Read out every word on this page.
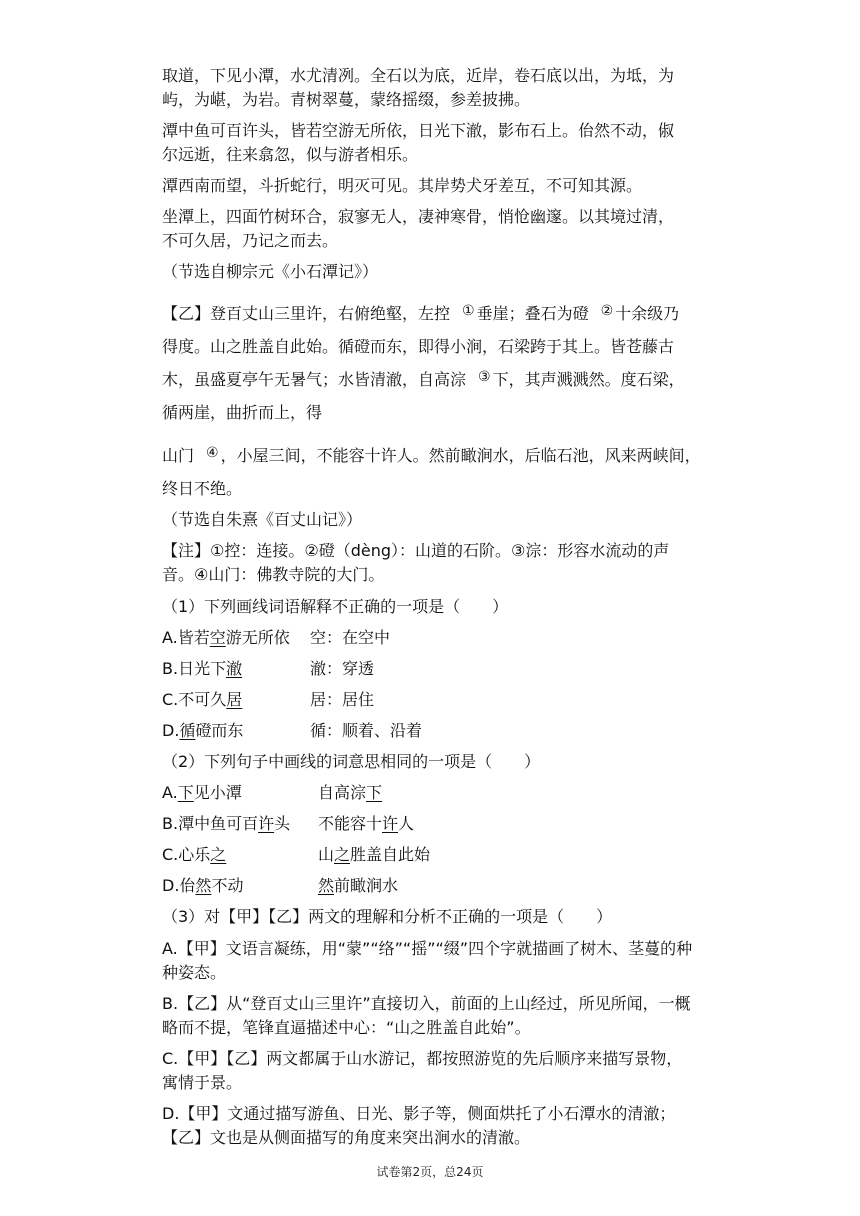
取道，下见小潭，水尤清冽。全石以为底，近岸，卷石底以出，为坻，为

屿，为嵁，为岩。青树翠蔓，蒙络摇缀，参差披拂。

潭中鱼可百许头，皆若空游无所依，日光下澈，影布石上。佁然不动，俶

尔远逝，往来翕忽，似与游者相乐。

潭西南而望，斗折蛇行，明灭可见。其岸势犬牙差互，不可知其源。

坐潭上，四面竹树环合，寂寥无人，凄神寒骨，悄怆幽邃。以其境过清，

不可久居，乃记之而去。

（节选自柳宗元《小石潭记》）

【乙】登百丈山三里许，右俯绝壑，左控 ① 垂崖；叠石为磴 ② 十余级乃

得度。山之胜盖自此始。循磴而东，即得小涧，石梁跨于其上。皆苍藤古

木，虽盛夏亭午无暑气；水皆清澈，自高淙 ③ 下，其声溅溅然。度石梁，

循两崖，曲折而上，得

山门 ④ ，小屋三间，不能容十许人。然前瞰涧水，后临石池，风来两峡间，

终日不绝。

（节选自朱熹《百丈山记》）

【注】①控：连接。②磴（dèng）：山道的石阶。③淙：形容水流动的声

音。④山门：佛教寺院的大门。

（1）下列画线词语解释不正确的一项是（　　）

A.皆若空游无所依 空：在空中

B.日光下澈	澈：穿透

C.不可久居	居：居住

D.循磴而东	循：顺着、沿着

（2）下列句子中画线的词意思相同的一项是（　　）

A.下见小潭	自高淙下

B.潭中鱼可百许头 不能容十许人

C.心乐之	山之胜盖自此始

D.佁然不动	然前瞰涧水

（3）对【甲】【乙】两文的理解和分析不正确的一项是（　　）

A.【甲】文语言凝练，用“蒙”“络”“摇”“缀”四个字就描画了树木、茎蔓的种

种姿态。

B.【乙】从“登百丈山三里许”直接切入，前面的上山经过，所见所闻，一概

略而不提，笔锋直逼描述中心：“山之胜盖自此始”。

C.【甲】【乙】两文都属于山水游记，都按照游览的先后顺序来描写景物，

寓情于景。

D.【甲】文通过描写游鱼、日光、影子等，侧面烘托了小石潭水的清澈；

【乙】文也是从侧面描写的角度来突出涧水的清澈。

试卷第2页，总24页
